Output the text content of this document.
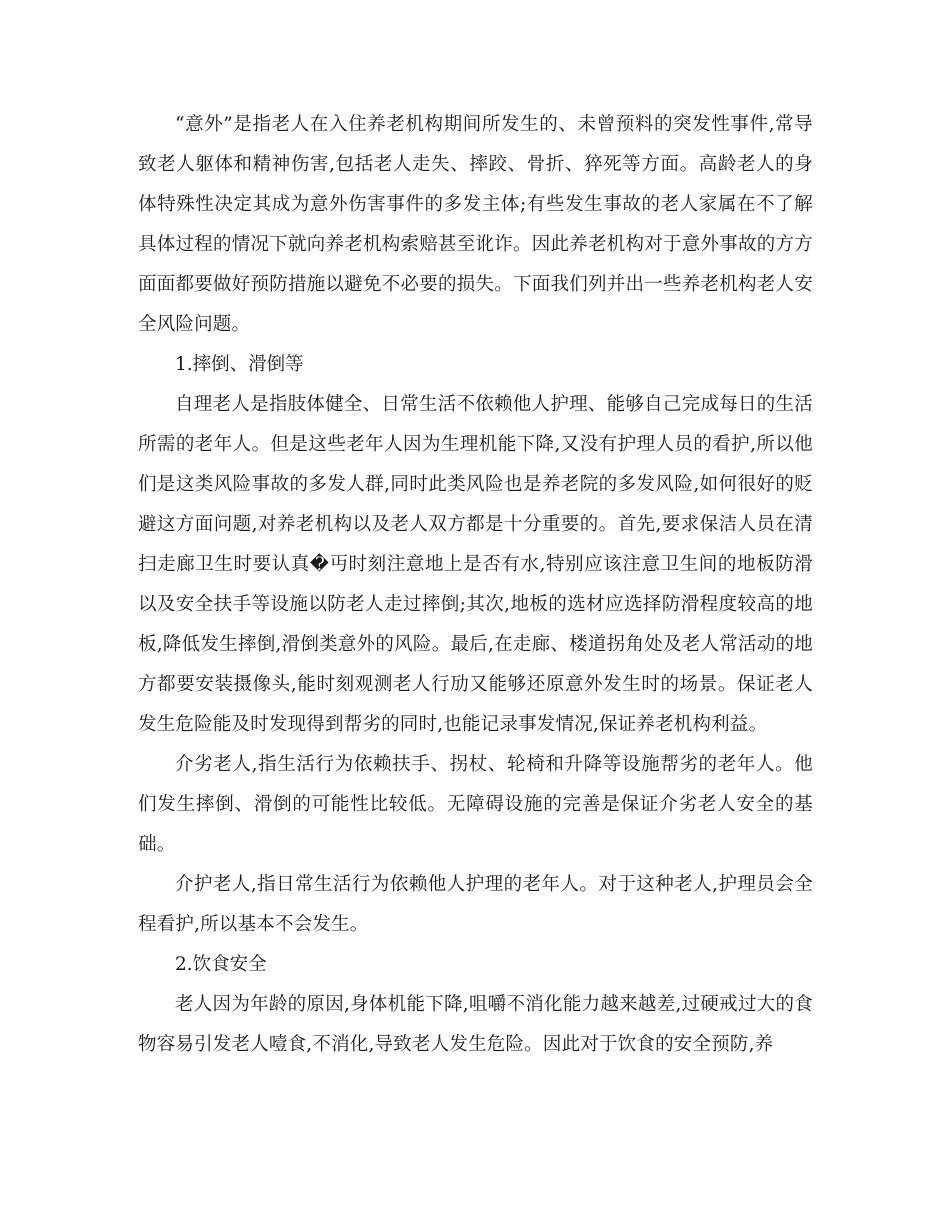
“意外”是指老人在入住养老机构期间所发生的、未曾预料的突发性事件,常导致老人躯体和精神伤害,包括老人走失、摔跤、骨折、猝死等方面。高龄老人的身体特殊性决定其成为意外伤害事件的多发主体;有些发生事故的老人家属在不了解具体过程的情况下就向养老机构索赔甚至讹诈。因此养老机构对于意外事故的方方面面都要做好预防措施以避免不必要的损失。下面我们列并出一些养老机构老人安全风险问题。

1.摔倒、滑倒等

自理老人是指肢体健全、日常生活不依赖他人护理、能够自己完成每日的生活所需的老年人。但是这些老年人因为生理机能下降,又没有护理人员的看护,所以他们是这类风险事故的多发人群,同时此类风险也是养老院的多发风险,如何很好的贬避这方面问题,对养老机构以及老人双方都是十分重要的。首先,要求保洁人员在清扫走廊卫生时要认真�丏时刻注意地上是否有水,特别应该注意卫生间的地板防滑以及安全扶手等设施以防老人走过摔倒;其次,地板的选材应选择防滑程度较高的地板,降低发生摔倒,滑倒类意外的风险。最后,在走廊、楼道拐角处及老人常活动的地方都要安装摄像头,能时刻观测老人行劢又能够还原意外发生时的场景。保证老人发生危险能及时发现得到帮劣的同时,也能记录事发情况,保证养老机构利益。

介劣老人,指生活行为依赖扶手、拐杖、轮椅和升降等设施帮劣的老年人。他们发生摔倒、滑倒的可能性比较低。无障碍设施的完善是保证介劣老人安全的基础。

介护老人,指日常生活行为依赖他人护理的老年人。对于这种老人,护理员会全程看护,所以基本不会发生。

2.饮食安全

老人因为年龄的原因,身体机能下降,咀嚼不消化能力越来越差,过硬戒过大的食物容易引发老人噎食,不消化,导致老人发生危险。因此对于饮食的安全预防,养
